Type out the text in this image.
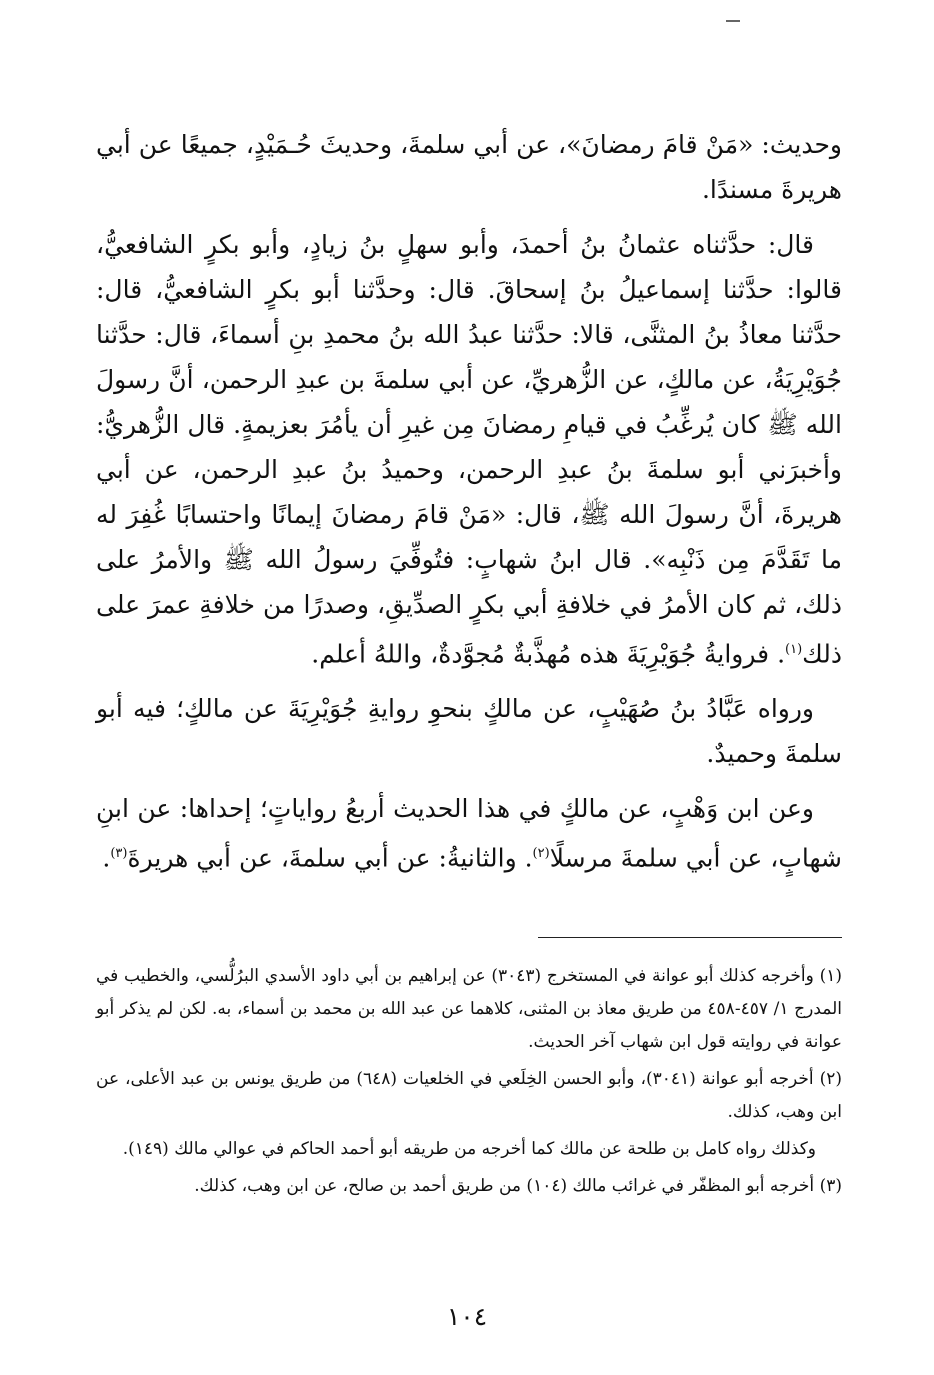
وحديث: «مَنْ قامَ رمضانَ»، عن أبي سلمةَ، وحديثَ حُـمَيْدٍ، جميعًا عن أبي هريرةَ مسندًا.

قال: حدَّثناه عثمانُ بنُ أحمدَ، وأبو سهلٍ بنُ زيادٍ، وأبو بكرٍ الشافعيُّ، قالوا: حدَّثنا إسماعيلُ بنُ إسحاقَ. قال: وحدَّثنا أبو بكرٍ الشافعيُّ، قال: حدَّثنا معاذُ بنُ المثنَّى، قالا: حدَّثنا عبدُ الله بنُ محمدِ بنِ أسماءَ، قال: حدَّثنا جُوَيْرِيَةُ، عن مالكٍ، عن الزُّهريِّ، عن أبي سلمةَ بن عبدِ الرحمن، أنَّ رسولَ الله ﷺ كان يُرغِّبُ في قيامِ رمضانَ مِن غيرِ أن يأمُرَ بعزيمةٍ. قال الزُّهريُّ: وأخبرَني أبو سلمةَ بنُ عبدِ الرحمن، وحميدُ بنُ عبدِ الرحمن، عن أبي هريرةَ، أنَّ رسولَ الله ﷺ، قال: «مَنْ قامَ رمضانَ إيمانًا واحتسابًا غُفِرَ له ما تَقَدَّمَ مِن ذَنْبِه». قال ابنُ شهابٍ: فتُوفِّيَ رسولُ الله ﷺ والأمرُ على ذلك، ثم كان الأمرُ في خلافةِ أبي بكرٍ الصدِّيقِ، وصدرًا من خلافةِ عمرَ على ذلك$^{(١)}$. فروايةُ جُوَيْرِيَةَ هذه مُهذَّبةٌ مُجوَّدةٌ، واللهُ أعلم.

ورواه عَبَّادُ بنُ صُهَيْبٍ، عن مالكٍ بنحوِ روايةِ جُوَيْرِيَةَ عن مالكٍ؛ فيه أبو سلمةَ وحميدٌ.

وعن ابن وَهْبٍ، عن مالكٍ في هذا الحديث أربعُ رواياتٍ؛ إحداها: عن ابنِ شهابٍ، عن أبي سلمةَ مرسلًا$^{(٢)}$. والثانيةُ: عن أبي سلمةَ، عن أبي هريرةَ$^{(٣)}$.

(١) وأخرجه كذلك أبو عوانة في المستخرج (٣٠٤٣) عن إبراهيم بن أبي داود الأسدي البرُلُّسي، والخطيب في المدرج ١/ ٤٥٧-٤٥٨ من طريق معاذ بن المثنى، كلاهما عن عبد الله بن محمد بن أسماء، به. لكن لم يذكر أبو عوانة في روايته قول ابن شهاب آخر الحديث.
(٢) أخرجه أبو عوانة (٣٠٤١)، وأبو الحسن الخِلَعي في الخلعيات (٦٤٨) من طريق يونس بن عبد الأعلى، عن ابن وهب، كذلك.
وكذلك رواه كامل بن طلحة عن مالك كما أخرجه من طريقه أبو أحمد الحاكم في عوالي مالك (١٤٩).
(٣) أخرجه أبو المظفّر في غرائب مالك (١٠٤) من طريق أحمد بن صالح، عن ابن وهب، كذلك.
١٠٤
